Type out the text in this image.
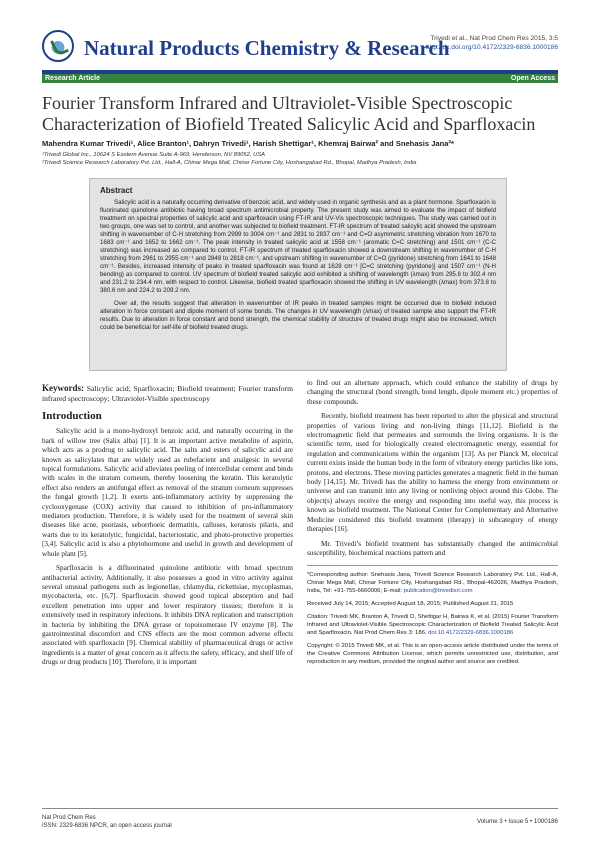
Natural Products Chemistry & Research
Trivedi et al., Nat Prod Chem Res 2015, 3:5
http://dx.doi.org/10.4172/2329-6836.1000186
Research Article	Open Access
Fourier Transform Infrared and Ultraviolet-Visible Spectroscopic
Characterization of Biofield Treated Salicylic Acid and Sparfloxacin
Mahendra Kumar Trivedi¹, Alice Branton¹, Dahryn Trivedi¹, Harish Shettigar¹, Khemraj Bairwa² and Snehasis Jana²*
¹Trivedi Global Inc., 10624 S Eastern Avenue Suite A-969, Henderson, NV 89052, USA
²Trivedi Science Research Laboratory Pvt. Ltd., Hall-A, Chinar Mega Mall, Chinar Fortune City, Hoshangabad Rd., Bhopal, Madhya Pradesh, India
Abstract

Salicylic acid is a naturally occurring derivative of benzoic acid, and widely used in organic synthesis and as a plant hormone. Sparfloxacin is fluorinated quinolone antibiotic having broad spectrum antimicrobial property. The present study was aimed to evaluate the impact of biofield treatment on spectral properties of salicylic acid and sparfloxacin using FT-IR and UV-Vis spectroscopic techniques. The study was carried out in two groups, one was set to control, and another was subjected to biofield treatment. FT-IR spectrum of treated salicylic acid showed the upstream shifting in wavenumber of C-H stretching from 2999 to 3004 cm⁻¹ and 2831 to 2837 cm⁻¹ and C=O asymmetric stretching vibration from 1670 to 1683 cm⁻¹ and 1652 to 1662 cm⁻¹. The peak intensity in treated salicylic acid at 1558 cm⁻¹ (aromatic C=C stretching) and 1501 cm⁻¹ (C-C stretching) was increased as compared to control. FT-IR spectrum of treated sparfloxacin showed a downstream shifting in wavenumber of C-H stretching from 2961 to 2955 cm⁻¹ and 2848 to 2818 cm⁻¹, and upstream shifting in wavenumber of C=O (pyridone) stretching from 1641 to 1648 cm⁻¹. Besides, increased intensity of peaks in treated sparfloxacin was found at 1628 cm⁻¹ [C=C stretching (pyridone)] and 1507 cm⁻¹ (N-H bending) as compared to control. UV spectrum of biofield treated salicylic acid exhibited a shifting of wavelength (λmax) from 295.8 to 302.4 nm and 231.2 to 234.4 nm, with respect to control. Likewise, biofield treated sparfloxacin showed the shifting in UV wavelength (λmax) from 373.8 to 380.6 nm and 224.2 to 209.2 nm.

Over all, the results suggest that alteration in wavenumber of IR peaks in treated samples might be occurred due to biofield induced alteration in force constant and dipole moment of some bonds. The changes in UV wavelength (λmax) of treated sample also support the FT-IR results. Due to alteration in force constant and bond strength, the chemical stability of structure of treated drugs might also be increased, which could be beneficial for self-life of biofield treated drugs.

Keywords: Salicylic acid; Sparfloxacin; Biofield treatment; Fourier transform infrared spectroscopy; Ultraviolet-Visible spectroscopy
Introduction
Salicylic acid is a mono-hydroxyl benzoic acid, and naturally occurring in the bark of willow tree (Salix alba) [1]. It is an important active metabolite of aspirin, which acts as a prodrug to salicylic acid. The salts and esters of salicylic acid are known as salicylates that are widely used as rubefacient and analgesic in several topical formulations. Salicylic acid alleviates peeling of intercellular cement and binds with scales in the stratum corneum, thereby loosening the keratin. This keratolytic effect also renders an antifungal effect as removal of the stratum corneum suppresses the fungal growth [1,2]. It exerts anti-inflammatory activity by suppressing the cyclooxygenase (COX) activity that caused to inhibition of pro-inflammatory mediators production. Therefore, it is widely used for the treatment of several skin diseases like acne, psoriasis, seborrhoeic dermatitis, calluses, keratosis pilaris, and warts due to its keratolytic, fungicidal, bacteriostatic, and photo-protective properties [3,4]. Salicylic acid is also a phytohormone and useful in growth and development of whole plant [5].
Sparfloxacin is a difluorinated quinolone antibiotic with broad spectrum antibacterial activity. Additionally, it also possesses a good in vitro activity against several unusual pathogens such as legionellae, chlamydia, rickettsiae, mycoplasmas, mycobacteria, etc. [6,7]. Sparfloxacin showed good topical absorption and had excellent penetration into upper and lower respiratory tissues; therefore it is extensively used in respiratory infections. It inhibits DNA replication and transcription in bacteria by inhibiting the DNA gyrase or topoisomerase IV enzyme [8]. The gastrointestinal discomfort and CNS effects are the most common adverse effects associated with sparfloxacin [9]. Chemical stability of pharmaceutical drugs or active ingredients is a matter of great concern as it affects the safety, efficacy, and shelf life of drugs or drug products [10]. Therefore, it is important
to find out an alternate approach, which could enhance the stability of drugs by changing the structural (bond strength, bond length, dipole moment etc.) properties of these compounds.
Recently, biofield treatment has been reported to alter the physical and structural properties of various living and non-living things [11,12]. Biofield is the electromagnetic field that permeates and surrounds the living organisms. It is the scientific term, used for biologically created electromagnetic energy, essential for regulation and communications within the organism [13]. As per Planck M, electrical current exists inside the human body in the form of vibratory energy particles like ions, protons, and electrons. These moving particles generates a magnetic field in the human body [14,15]. Mr. Trivedi has the ability to harness the energy from environment or universe and can transmit into any living or nonliving object around this Globe. The object(s) always receive the energy and responding into useful way, this process is known as biofield treatment. The National Center for Complementary and Alternative Medicine considered this biofield treatment (therapy) in subcategory of energy therapies [16].
Mr. Trivedi’s biofield treatment has substantially changed the antimicrobial susceptibility, biochemical reactions pattern and
*Corresponding author: Snehasis Jana, Trivedi Science Research Laboratory Pvt. Ltd., Hall-A, Chinar Mega Mall, Chinar Fortune City, Hoshangabad Rd., Bhopal-462026, Madhya Pradesh, India, Tel: +91-755-6660006; E-mail: publication@trivedisrl.com
Received July 14, 2015; Accepted August 18, 2015; Published August 21, 2015
Citation: Trivedi MK, Branton A, Trivedi D, Shettigar H, Bairwa K, et al. (2015) Fourier Transform Infrared and Ultraviolet-Visible Spectroscopic Characterization of Biofield Treated Salicylic Acid and Sparfloxacin. Nat Prod Chem Res 3: 186. doi:10.4172/2329-6836.1000186
Copyright: © 2015 Trivedi MK, et al. This is an open-access article distributed under the terms of the Creative Commons Attribution License, which permits unrestricted use, distribution, and reproduction in any medium, provided the original author and source are credited.
Nat Prod Chem Res
ISSN: 2329-6836 NPCR, an open access journal
Volume 3 • Issue 5 • 1000186
